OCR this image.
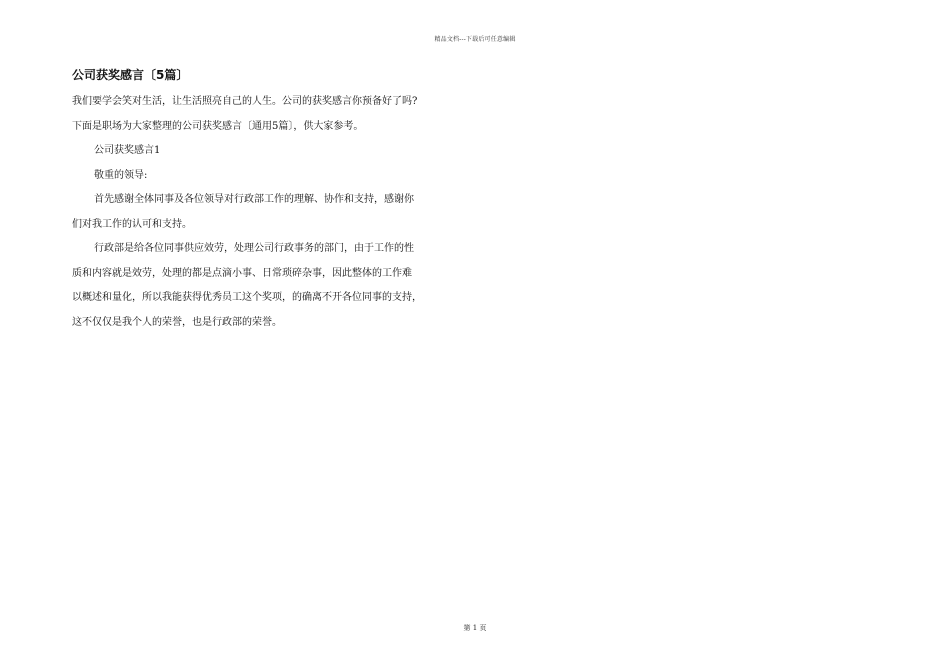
精品文档---下载后可任意编辑
公司获奖感言〔5篇〕
我们要学会笑对生活，让生活照亮自己的人生。公司的获奖感言你预备好了吗?
下面是职场为大家整理的公司获奖感言〔通用5篇〕，供大家参考。
公司获奖感言1
敬重的领导:
首先感谢全体同事及各位领导对行政部工作的理解、协作和支持，感谢你
们对我工作的认可和支持。
行政部是给各位同事供应效劳，处理公司行政事务的部门，由于工作的性
质和内容就是效劳，处理的都是点滴小事、日常琐碎杂事，因此整体的工作难
以概述和量化，所以我能获得优秀员工这个奖项，的确离不开各位同事的支持，
这不仅仅是我个人的荣誉，也是行政部的荣誉。
第 1 页
